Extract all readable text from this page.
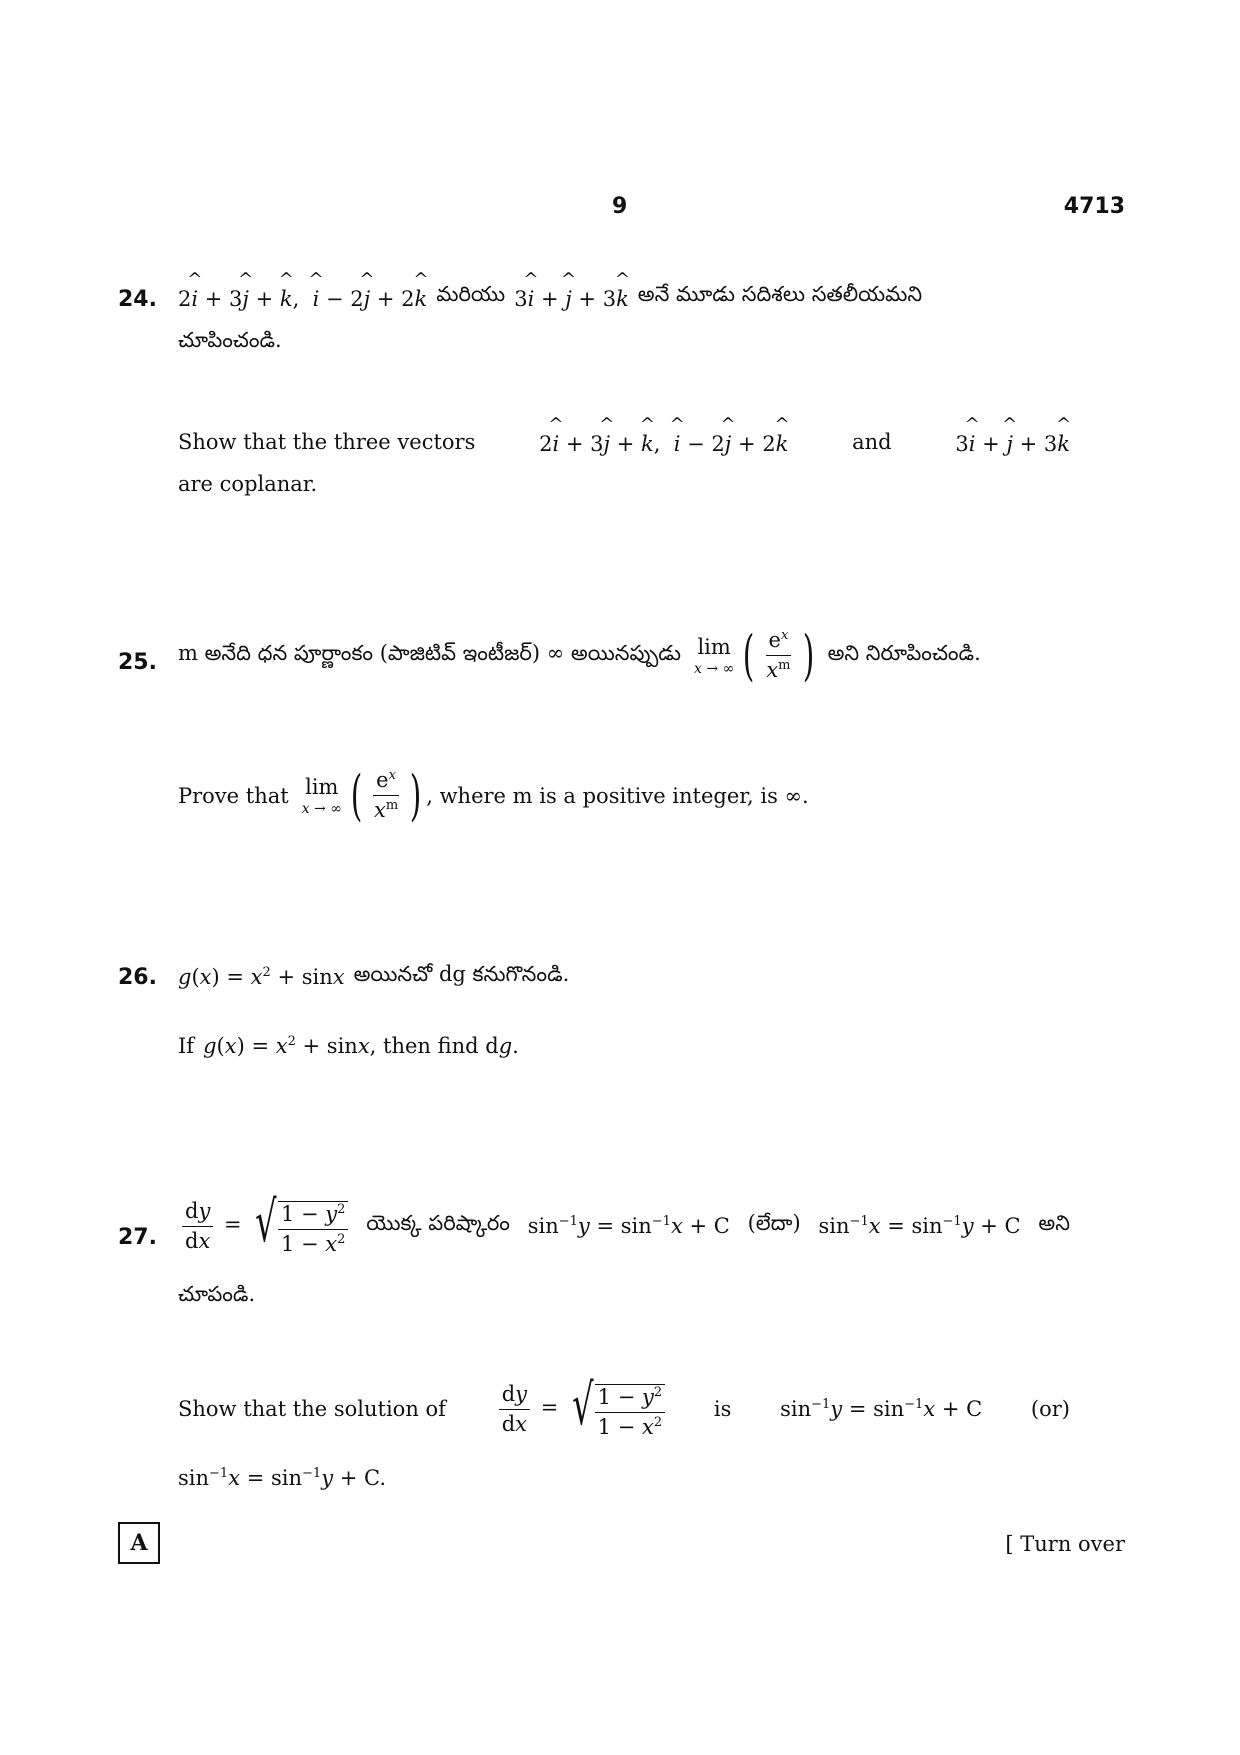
9	4713
24. 2^ i + 3^ j + ^ k,  ^ i − 2^ j + 2^ k మరియు 3^ i + ^ j + 3^ k అనే మూడు సదిశలు సతలీయమని
చూపించండి.
Show that the three vectors	2^ i + 3^ j + ^ k,  ^ i − 2^ j + 2^ k	and	3^ i + ^ j + 3^ k
are coplanar.
25. m అనేది ధన పూర్ణాంకం (పాజిటివ్ ఇంటీజర్) ∞ అయినప్పుడు lim
x → ∞ ( $\frac{e^x}{x^m}$ ) అని నిరూపించండి.
Prove that lim
x → ∞ ( $\frac{e^x}{x^m}$ ) , where m is a positive integer, is ∞.
26. $g(x) = x^2 + \sin x$ అయినచో dg కనుగొనండి.
If $g(x) = x^2 + \sin x$ , then find d g .
27. $\frac{dy}{dx}$ = √ $\frac{1 - y^2}{1 - x^2}$ యొక్క పరిష్కారం $\sin^{-1}y = \sin^{-1}x + C$ (లేదా) $\sin^{-1}x = \sin^{-1}y + C$ అని
చూపండి.
Show that the solution of	$\frac{dy}{dx}$ = √ $\frac{1 - y^2}{1 - x^2}$ is $\sin^{-1}y = \sin^{-1}x + C$ (or)
$\sin^{-1}x = \sin^{-1}y + C$.
A	[ Turn over
